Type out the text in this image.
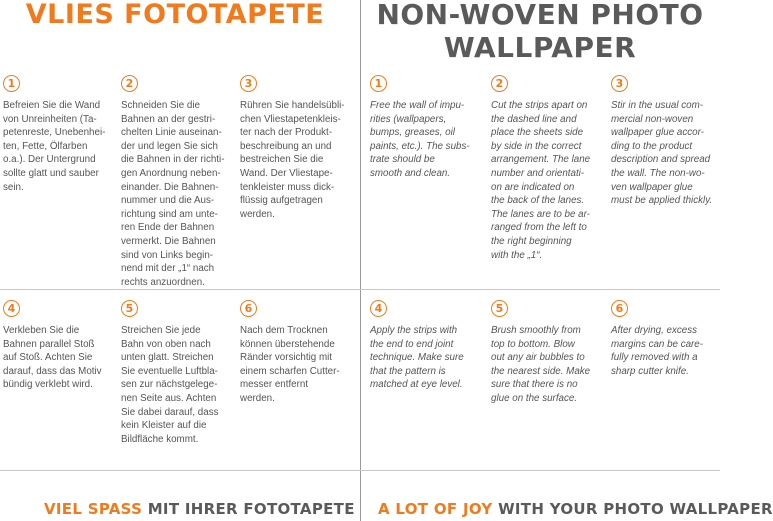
VLIES FOTOTAPETE	NON-WOVEN PHOTO
WALLPAPER
1
Befreien Sie die Wand
von Unreinheiten (Ta-
petenreste, Unebenhei-
ten, Fette, Ölfarben
o.a.). Der Untergrund
sollte glatt und sauber
sein.
2
Schneiden Sie die
Bahnen an der gestri-
chelten Linie auseinan-
der und legen Sie sich
die Bahnen in der richti-
gen Anordnung neben-
einander. Die Bahnen-
nummer und die Aus-
richtung sind am unte-
ren Ende der Bahnen
vermerkt. Die Bahnen
sind von Links begin-
nend mit der „1“ nach
rechts anzuordnen.
3
Rühren Sie handelsübli-
chen Vliestapetenkleis-
ter nach der Produkt-
beschreibung an und
bestreichen Sie die
Wand. Der Vliestape-
tenkleister muss dick-
flüssig aufgetragen
werden.
1
Free the wall of impu-
rities (wallpapers,
bumps, greases, oil
paints, etc.). The subs-
trate should be
smooth and clean.
2
Cut the strips apart on
the dashed line and
place the sheets side
by side in the correct
arrangement. The lane
number and orientati-
on are indicated on
the back of the lanes.
The lanes are to be ar-
ranged from the left to
the right beginning
with the „1“.
3
Stir in the usual com-
mercial non-woven
wallpaper glue accor-
ding to the product
description and spread
the wall. The non-wo-
ven wallpaper glue
must be applied thickly.
4
Verkleben Sie die
Bahnen parallel Stoß
auf Stoß. Achten Sie
darauf, dass das Motiv
bündig verklebt wird.
5
Streichen Sie jede
Bahn von oben nach
unten glatt. Streichen
Sie eventuelle Luftbla-
sen zur nächstgelege-
nen Seite aus. Achten
Sie dabei darauf, dass
kein Kleister auf die
Bildfläche kommt.
6
Nach dem Trocknen
können überstehende
Ränder vorsichtig mit
einem scharfen Cutter-
messer entfernt
werden.
4
Apply the strips with
the end to end joint
technique. Make sure
that the pattern is
matched at eye level.
5
Brush smoothly from
top to bottom. Blow
out any air bubbles to
the nearest side. Make
sure that there is no
glue on the surface.
6
After drying, excess
margins can be care-
fully removed with a
sharp cutter knife.
VIEL SPASS MIT IHRER FOTOTAPETE A LOT OF JOY WITH YOUR PHOTO WALLPAPER
